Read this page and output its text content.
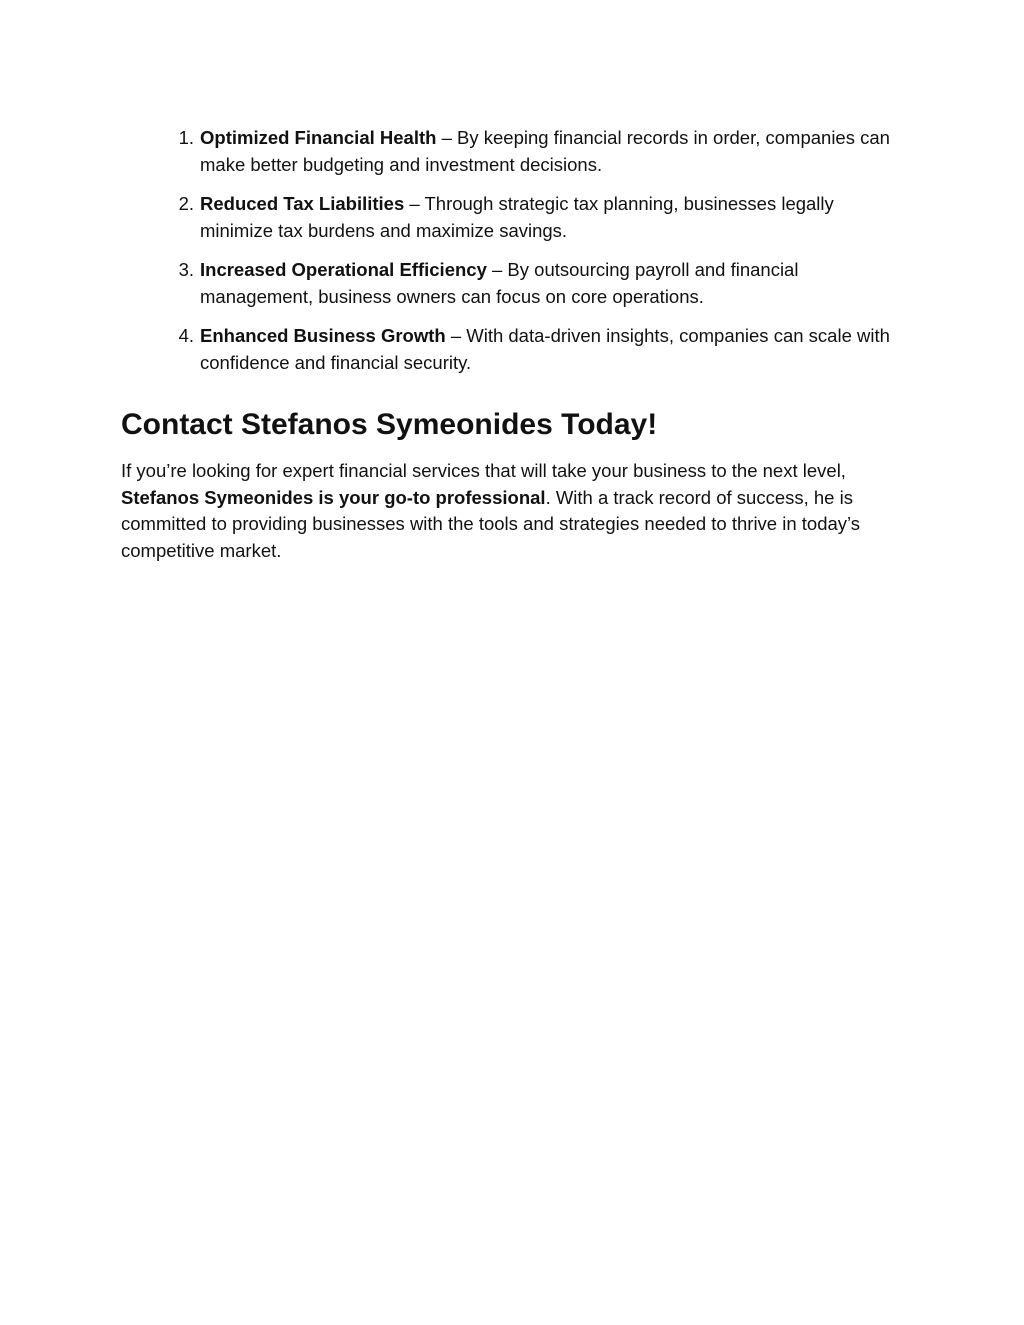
1. Optimized Financial Health – By keeping financial records in order, companies can make better budgeting and investment decisions.
2. Reduced Tax Liabilities – Through strategic tax planning, businesses legally minimize tax burdens and maximize savings.
3. Increased Operational Efficiency – By outsourcing payroll and financial management, business owners can focus on core operations.
4. Enhanced Business Growth – With data-driven insights, companies can scale with confidence and financial security.
Contact Stefanos Symeonides Today!

If you’re looking for expert financial services that will take your business to the next level, Stefanos Symeonides is your go-to professional. With a track record of success, he is committed to providing businesses with the tools and strategies needed to thrive in today’s competitive market.
